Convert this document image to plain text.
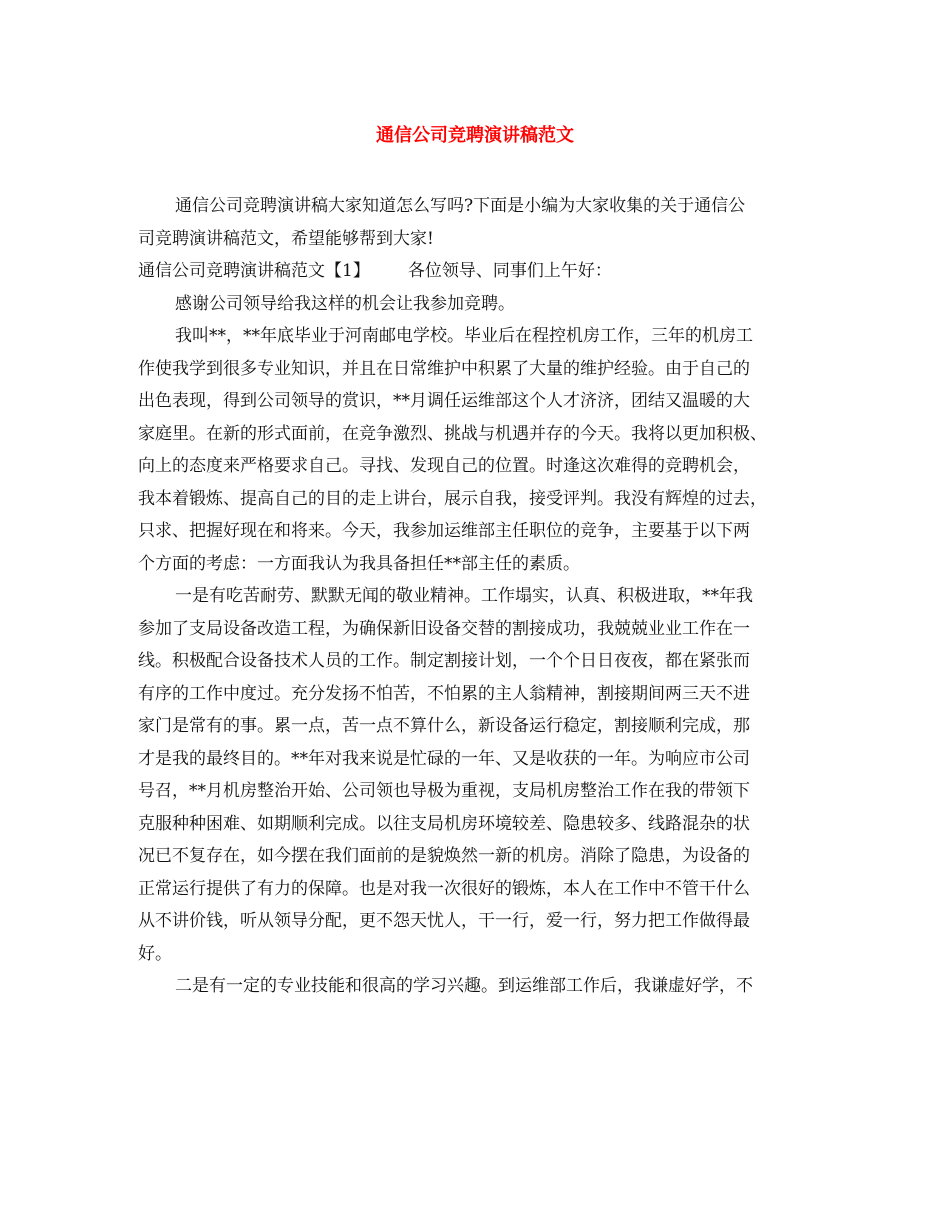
通信公司竞聘演讲稿范文
通信公司竞聘演讲稿大家知道怎么写吗?下面是小编为大家收集的关于通信公
司竞聘演讲稿范文，希望能够帮到大家!
通信公司竞聘演讲稿范文【1】 各位领导、同事们上午好：
感谢公司领导给我这样的机会让我参加竞聘。
我叫**，**年底毕业于河南邮电学校。毕业后在程控机房工作，三年的机房工
作使我学到很多专业知识，并且在日常维护中积累了大量的维护经验。由于自己的
出色表现，得到公司领导的赏识，**月调任运维部这个人才济济，团结又温暖的大
家庭里。在新的形式面前，在竞争激烈、挑战与机遇并存的今天。我将以更加积极、
向上的态度来严格要求自己。寻找、发现自己的位置。时逢这次难得的竞聘机会，
我本着锻炼、提高自己的目的走上讲台，展示自我，接受评判。我没有辉煌的过去，
只求、把握好现在和将来。今天，我参加运维部主任职位的竞争，主要基于以下两
个方面的考虑：一方面我认为我具备担任**部主任的素质。
一是有吃苦耐劳、默默无闻的敬业精神。工作塌实，认真、积极进取，**年我
参加了支局设备改造工程，为确保新旧设备交替的割接成功，我兢兢业业工作在一
线。积极配合设备技术人员的工作。制定割接计划，一个个日日夜夜，都在紧张而
有序的工作中度过。充分发扬不怕苦，不怕累的主人翁精神，割接期间两三天不进
家门是常有的事。累一点，苦一点不算什么，新设备运行稳定，割接顺利完成，那
才是我的最终目的。**年对我来说是忙碌的一年、又是收获的一年。为响应市公司
号召，**月机房整治开始、公司领也导极为重视，支局机房整治工作在我的带领下
克服种种困难、如期顺利完成。以往支局机房环境较差、隐患较多、线路混杂的状
况已不复存在，如今摆在我们面前的是貌焕然一新的机房。消除了隐患，为设备的
正常运行提供了有力的保障。也是对我一次很好的锻炼，本人在工作中不管干什么
从不讲价钱，听从领导分配，更不怨天忧人，干一行，爱一行，努力把工作做得最
好。
二是有一定的专业技能和很高的学习兴趣。到运维部工作后，我谦虚好学，不
